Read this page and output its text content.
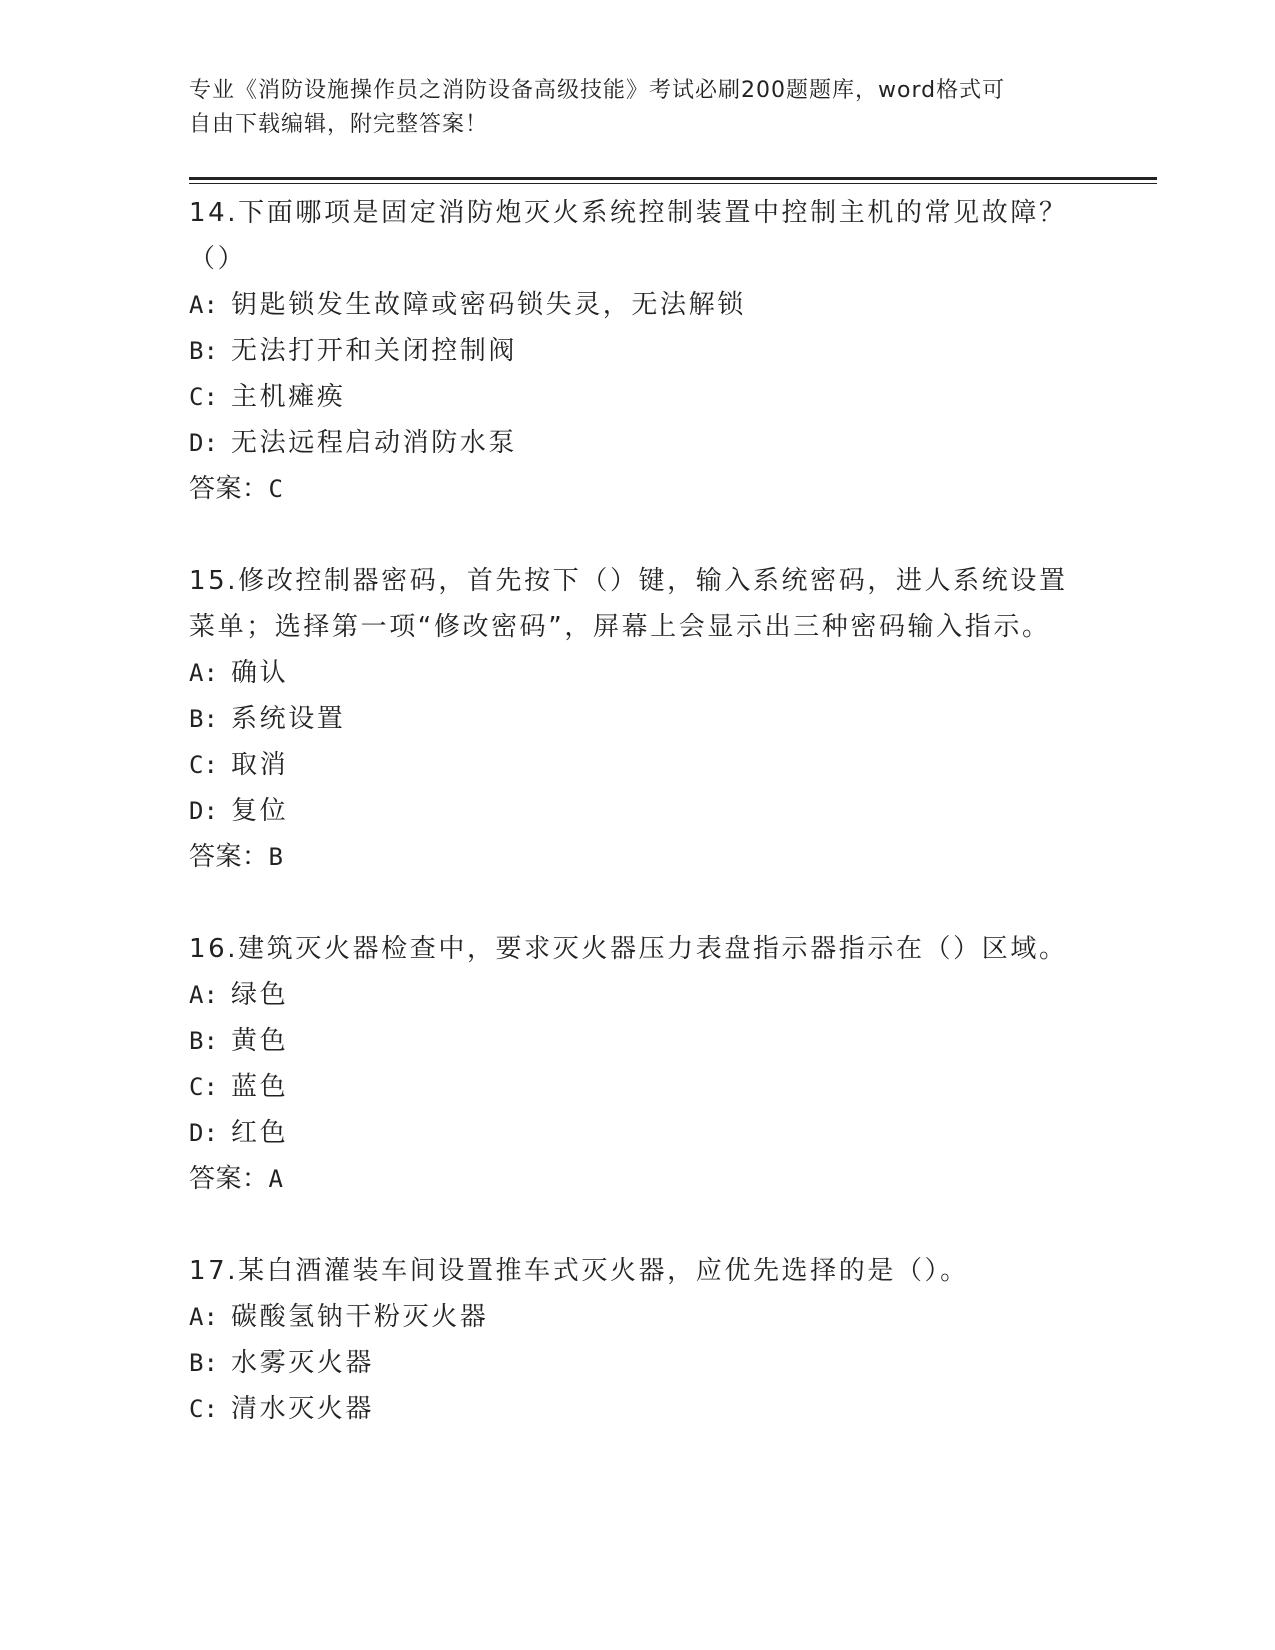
专业《消防设施操作员之消防设备高级技能》考试必刷200题题库，word格式可
自由下载编辑，附完整答案！
14.下面哪项是固定消防炮灭火系统控制装置中控制主机的常见故障？（）
A: 钥匙锁发生故障或密码锁失灵，无法解锁
B: 无法打开和关闭控制阀
C: 主机瘫痪
D: 无法远程启动消防水泵
答案：C
15.修改控制器密码，首先按下（）键，输入系统密码，进人系统设置菜单；选择第一项“修改密码”，屏幕上会显示出三种密码输入指示。
A: 确认
B: 系统设置
C: 取消
D: 复位
答案：B
16.建筑灭火器检查中，要求灭火器压力表盘指示器指示在（）区域。
A: 绿色
B: 黄色
C: 蓝色
D: 红色
答案：A
17.某白酒灌装车间设置推车式灭火器，应优先选择的是（）。
A: 碳酸氢钠干粉灭火器
B: 水雾灭火器
C: 清水灭火器
